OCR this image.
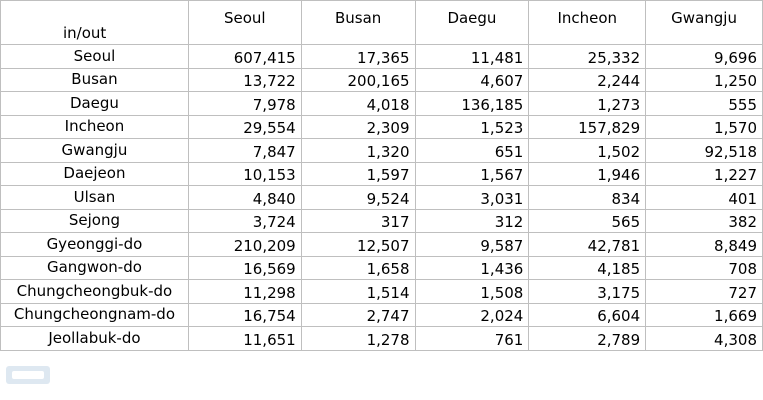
in/out	Seoul	Busan	Daegu	Incheon	Gwangju
Seoul	607,415	17,365	11,481	25,332	9,696
Busan	13,722	200,165	4,607	2,244	1,250
Daegu	7,978	4,018	136,185	1,273	555
Incheon	29,554	2,309	1,523	157,829	1,570
Gwangju	7,847	1,320	651	1,502	92,518
Daejeon	10,153	1,597	1,567	1,946	1,227
Ulsan	4,840	9,524	3,031	834	401
Sejong	3,724	317	312	565	382
Gyeonggi-do	210,209	12,507	9,587	42,781	8,849
Gangwon-do	16,569	1,658	1,436	4,185	708
Chungcheongbuk-do	11,298	1,514	1,508	3,175	727
Chungcheongnam-do	16,754	2,747	2,024	6,604	1,669
Jeollabuk-do	11,651	1,278	761	2,789	4,308
